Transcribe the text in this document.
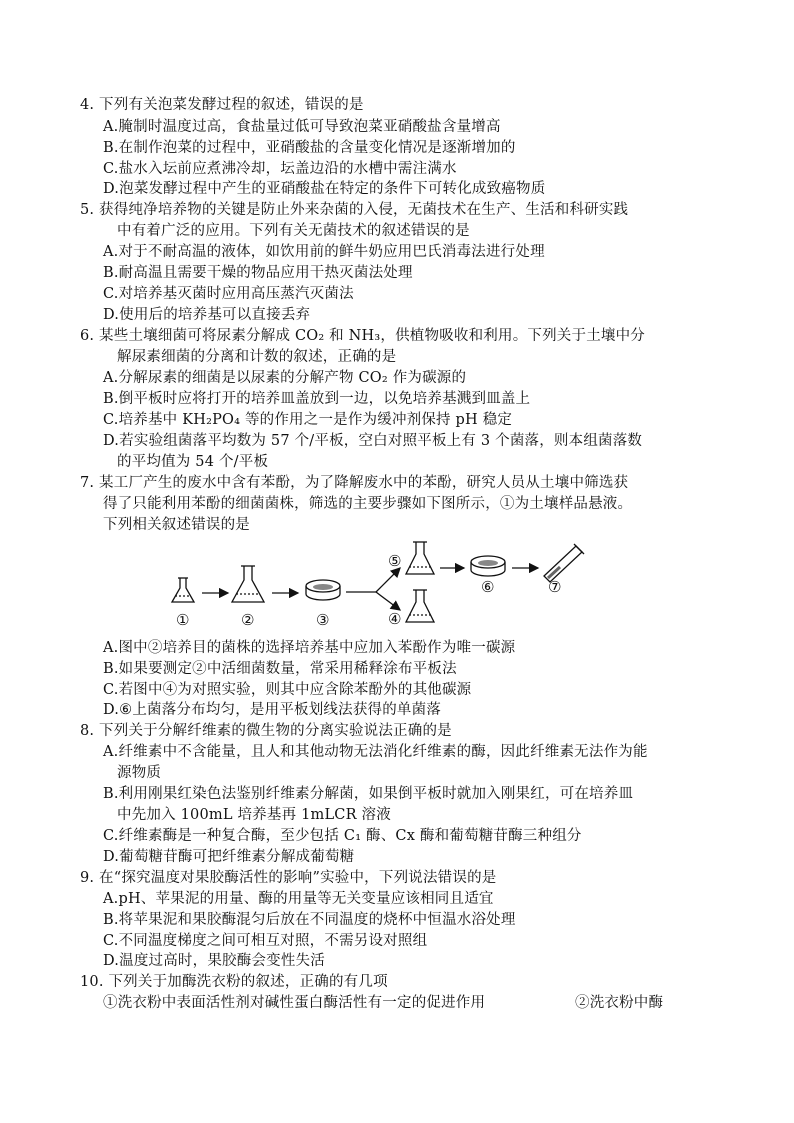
4. 下列有关泡菜发酵过程的叙述，错误的是
A.腌制时温度过高，食盐量过低可导致泡菜亚硝酸盐含量增高
B.在制作泡菜的过程中，亚硝酸盐的含量变化情况是逐渐增加的
C.盐水入坛前应煮沸冷却，坛盖边沿的水槽中需注满水
D.泡菜发酵过程中产生的亚硝酸盐在特定的条件下可转化成致癌物质
5. 获得纯净培养物的关键是防止外来杂菌的入侵，无菌技术在生产、生活和科研实践
中有着广泛的应用。下列有关无菌技术的叙述错误的是
A.对于不耐高温的液体，如饮用前的鲜牛奶应用巴氏消毒法进行处理
B.耐高温且需要干燥的物品应用干热灭菌法处理
C.对培养基灭菌时应用高压蒸汽灭菌法
D.使用后的培养基可以直接丢弃
6. 某些土壤细菌可将尿素分解成 CO₂ 和 NH₃，供植物吸收和利用。下列关于土壤中分
解尿素细菌的分离和计数的叙述，正确的是
A.分解尿素的细菌是以尿素的分解产物 CO₂ 作为碳源的
B.倒平板时应将打开的培养皿盖放到一边，以免培养基溅到皿盖上
C.培养基中 KH₂PO₄ 等的作用之一是作为缓冲剂保持 pH 稳定
D.若实验组菌落平均数为 57 个/平板，空白对照平板上有 3 个菌落，则本组菌落数
的平均值为 54 个/平板
7. 某工厂产生的废水中含有苯酚，为了降解废水中的苯酚，研究人员从土壤中筛选获
得了只能利用苯酚的细菌菌株，筛选的主要步骤如下图所示，①为土壤样品悬液。
下列相关叙述错误的是
①	②	③	④
⑤
⑥	⑦
A.图中②培养目的菌株的选择培养基中应加入苯酚作为唯一碳源
B.如果要测定②中活细菌数量，常采用稀释涂布平板法
C.若图中④为对照实验，则其中应含除苯酚外的其他碳源
D.⑥上菌落分布均匀，是用平板划线法获得的单菌落
8. 下列关于分解纤维素的微生物的分离实验说法正确的是
A.纤维素中不含能量，且人和其他动物无法消化纤维素的酶，因此纤维素无法作为能
源物质
B.利用刚果红染色法鉴别纤维素分解菌，如果倒平板时就加入刚果红，可在培养皿
中先加入 100mL 培养基再 1mLCR 溶液
C.纤维素酶是一种复合酶，至少包括 C₁ 酶、Cx 酶和葡萄糖苷酶三种组分
D.葡萄糖苷酶可把纤维素分解成葡萄糖
9. 在“探究温度对果胶酶活性的影响”实验中，下列说法错误的是
A.pH、苹果泥的用量、酶的用量等无关变量应该相同且适宜
B.将苹果泥和果胶酶混匀后放在不同温度的烧杯中恒温水浴处理
C.不同温度梯度之间可相互对照，不需另设对照组
D.温度过高时，果胶酶会变性失活
10. 下列关于加酶洗衣粉的叙述，正确的有几项
①洗衣粉中表面活性剂对碱性蛋白酶活性有一定的促进作用	②洗衣粉中酶
